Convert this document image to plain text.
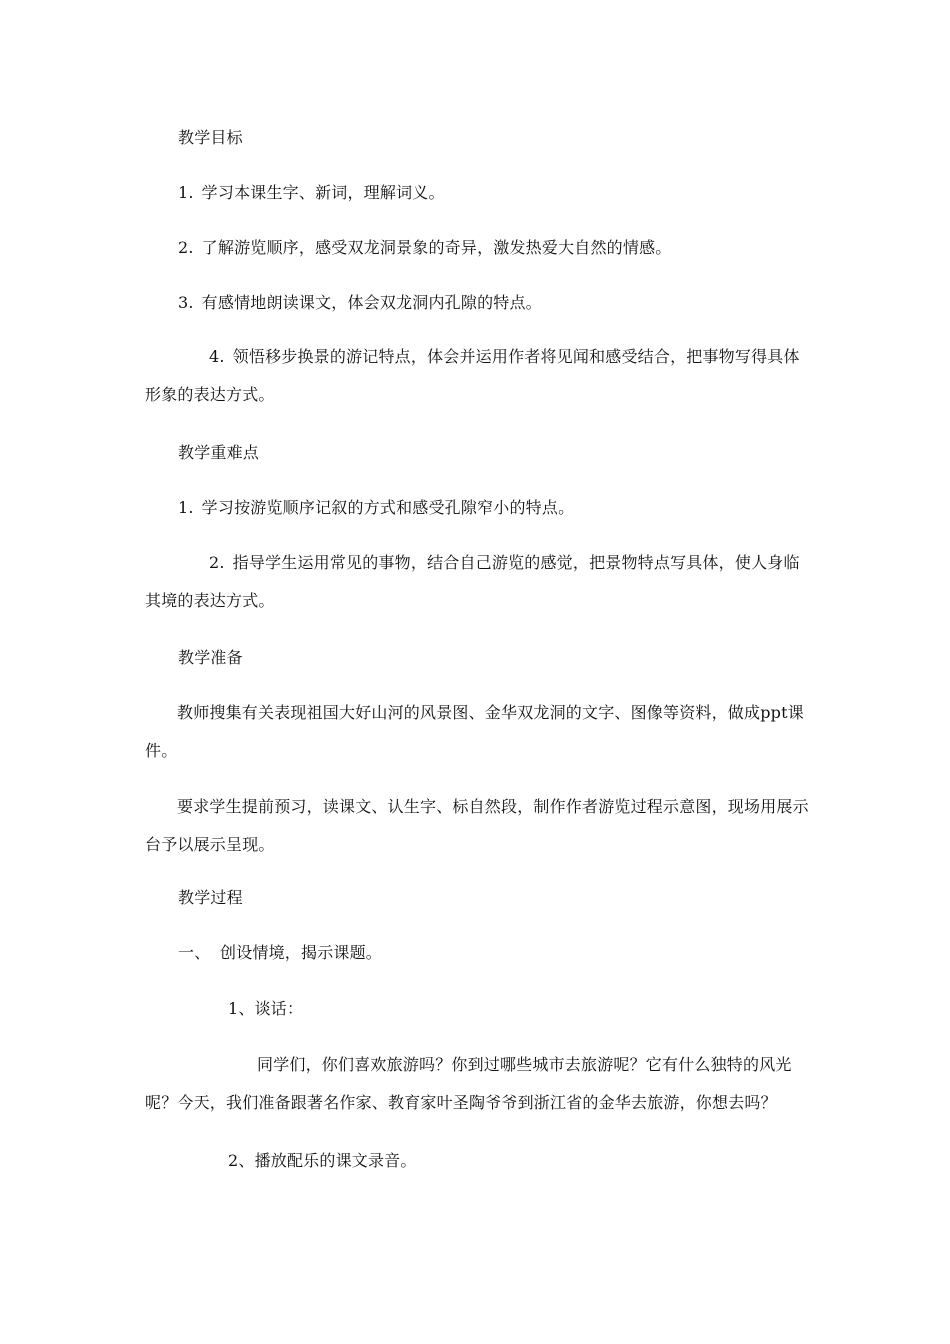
教学目标
1. 学习本课生字、新词，理解词义。
2. 了解游览顺序，感受双龙洞景象的奇异，激发热爱大自然的情感。
3. 有感情地朗读课文，体会双龙洞内孔隙的特点。
4. 领悟移步换景的游记特点，体会并运用作者将见闻和感受结合，把事物写得具体形象的表达方式。
教学重难点
1. 学习按游览顺序记叙的方式和感受孔隙窄小的特点。
2. 指导学生运用常见的事物，结合自己游览的感觉，把景物特点写具体，使人身临其境的表达方式。
教学准备
教师搜集有关表现祖国大好山河的风景图、金华双龙洞的文字、图像等资料，做成ppt课件。
要求学生提前预习，读课文、认生字、标自然段，制作作者游览过程示意图，现场用展示台予以展示呈现。
教学过程
一、 创设情境，揭示课题。
1、谈话：
同学们，你们喜欢旅游吗？你到过哪些城市去旅游呢？它有什么独特的风光呢？今天，我们准备跟著名作家、教育家叶圣陶爷爷到浙江省的金华去旅游，你想去吗？
2、播放配乐的课文录音。
